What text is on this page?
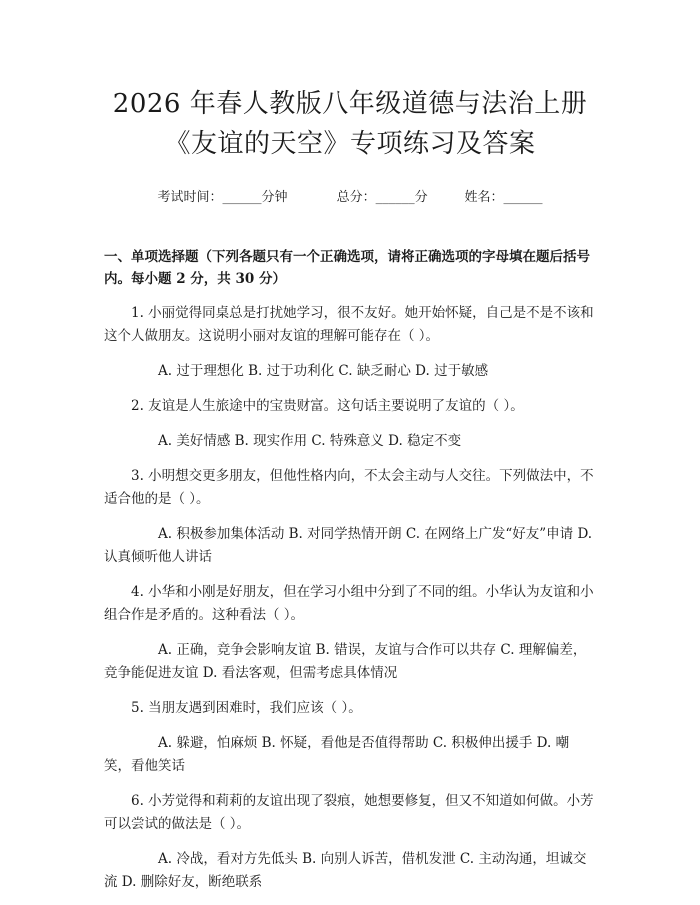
2026 年春人教版八年级道德与法治上册《友谊的天空》专项练习及答案
考试时间：______分钟	总分：______分	姓名：______
一、单项选择题（下列各题只有一个正确选项，请将正确选项的字母填在题后括号内。每小题 2 分，共 30 分）
1. 小丽觉得同桌总是打扰她学习，很不友好。她开始怀疑，自己是不是不该和这个人做朋友。这说明小丽对友谊的理解可能存在（ ）。
A. 过于理想化 B. 过于功利化 C. 缺乏耐心 D. 过于敏感
2. 友谊是人生旅途中的宝贵财富。这句话主要说明了友谊的（ ）。
A. 美好情感 B. 现实作用 C. 特殊意义 D. 稳定不变
3. 小明想交更多朋友，但他性格内向，不太会主动与人交往。下列做法中，不适合他的是（ ）。
A. 积极参加集体活动 B. 对同学热情开朗 C. 在网络上广发“好友”申请 D. 认真倾听他人讲话
4. 小华和小刚是好朋友，但在学习小组中分到了不同的组。小华认为友谊和小组合作是矛盾的。这种看法（ ）。
A. 正确，竞争会影响友谊 B. 错误，友谊与合作可以共存 C. 理解偏差，竞争能促进友谊 D. 看法客观，但需考虑具体情况
5. 当朋友遇到困难时，我们应该（ ）。
A. 躲避，怕麻烦 B. 怀疑，看他是否值得帮助 C. 积极伸出援手 D. 嘲笑，看他笑话
6. 小芳觉得和莉莉的友谊出现了裂痕，她想要修复，但又不知道如何做。小芳可以尝试的做法是（ ）。
A. 冷战，看对方先低头 B. 向别人诉苦，借机发泄 C. 主动沟通，坦诚交流 D. 删除好友，断绝联系
